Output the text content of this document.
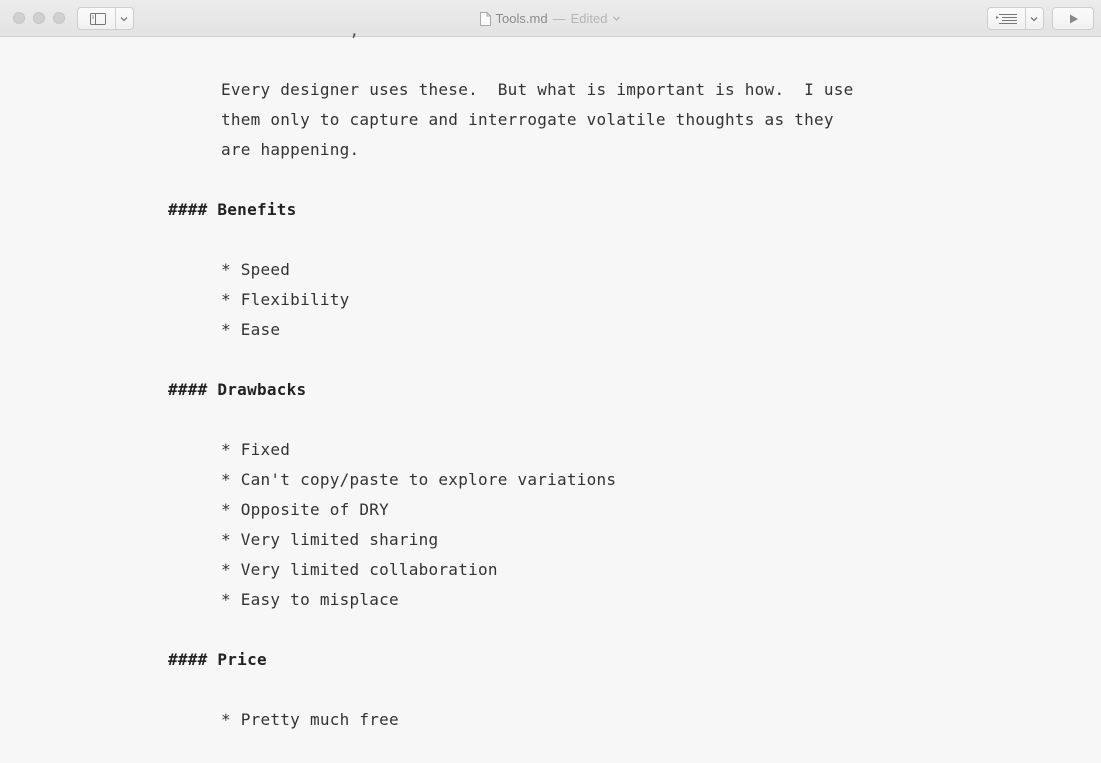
Tools.md — Edited
,
Every designer uses these.  But what is important is how.  I use
them only to capture and interrogate volatile thoughts as they
are happening.
#### Benefits
* Speed
* Flexibility
* Ease
#### Drawbacks
* Fixed
* Can't copy/paste to explore variations
* Opposite of DRY
* Very limited sharing
* Very limited collaboration
* Easy to misplace
#### Price
* Pretty much free
